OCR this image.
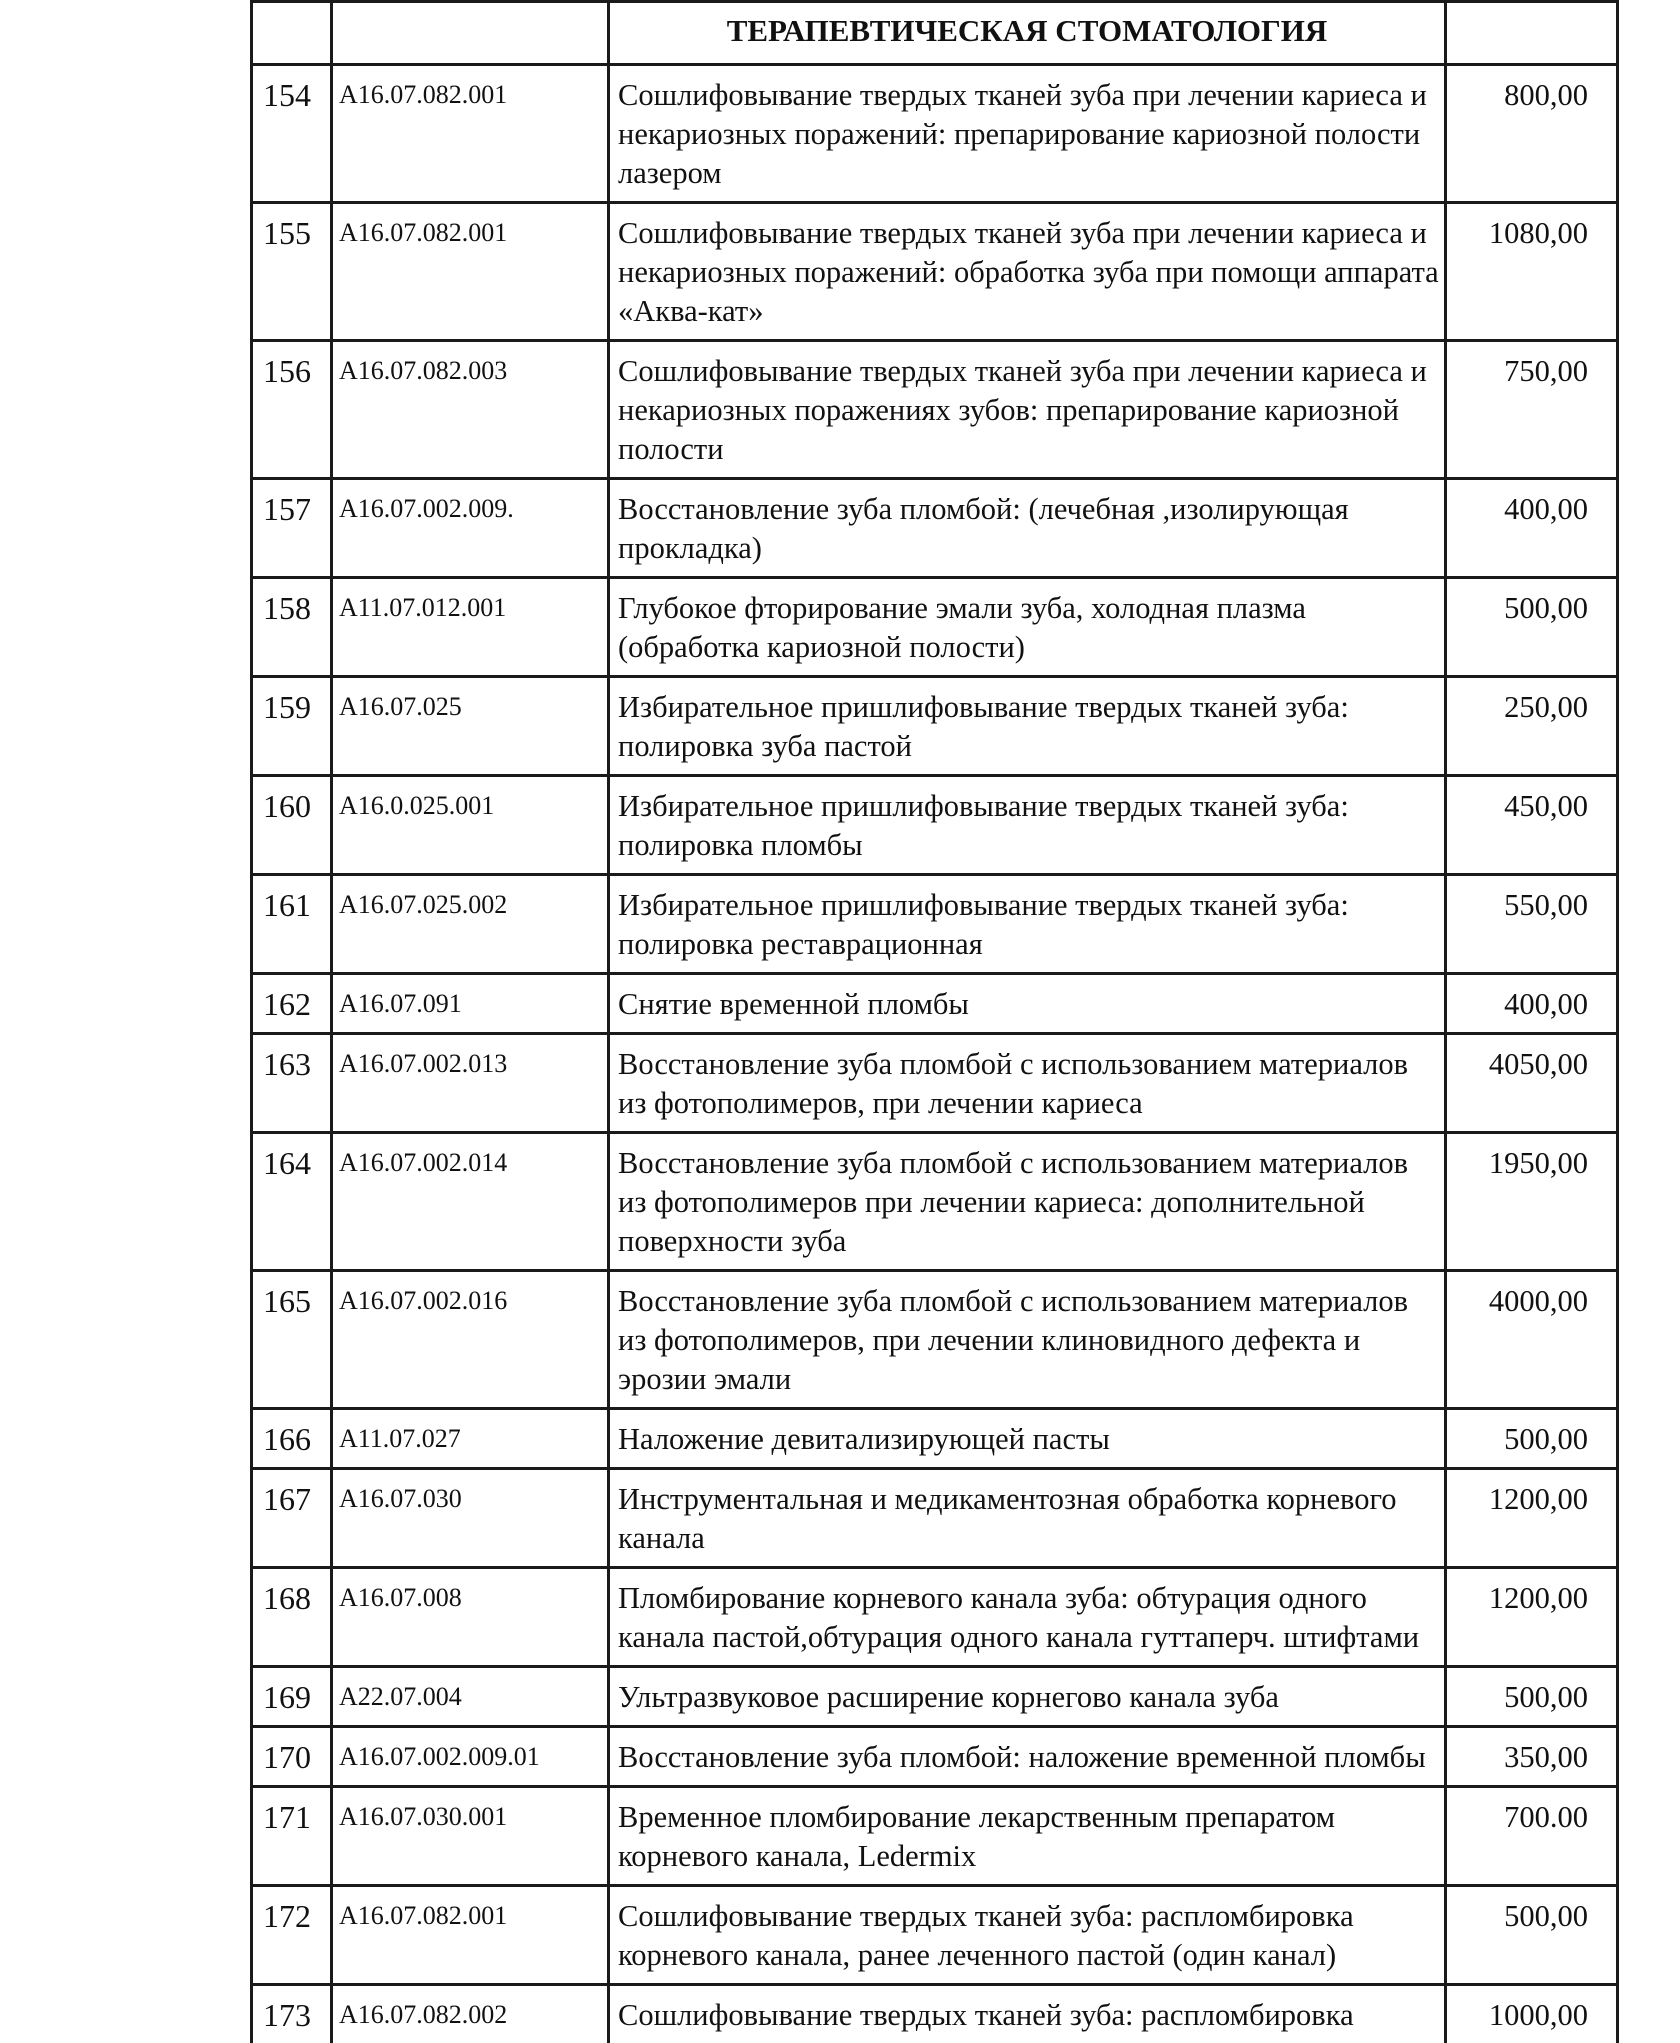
		ТЕРАПЕВТИЧЕСКАЯ СТОМАТОЛОГИЯ	
154	А16.07.082.001	Сошлифовывание твердых тканей зуба при лечении кариеса и некариозных поражений: препарирование кариозной полости лазером	800,00
155	А16.07.082.001	Сошлифовывание твердых тканей зуба при лечении кариеса и некариозных поражений: обработка зуба при помощи аппарата «Аква-кат»	1080,00
156	А16.07.082.003	Сошлифовывание твердых тканей зуба при лечении кариеса и некариозных поражениях зубов: препарирование кариозной полости	750,00
157	А16.07.002.009.	Восстановление зуба пломбой: (лечебная ,изолирующая прокладка)	400,00
158	А11.07.012.001	Глубокое фторирование эмали зуба, холодная плазма (обработка кариозной полости)	500,00
159	А16.07.025	Избирательное пришлифовывание твердых тканей зуба: полировка зуба пастой	250,00
160	А16.0.025.001	Избирательное пришлифовывание твердых тканей зуба: полировка пломбы	450,00
161	А16.07.025.002	Избирательное пришлифовывание твердых тканей зуба: полировка реставрационная	550,00
162	А16.07.091	Снятие временной пломбы	400,00
163	А16.07.002.013	Восстановление зуба пломбой с использованием материалов из фотополимеров, при лечении кариеса	4050,00
164	А16.07.002.014	Восстановление зуба пломбой с использованием материалов из фотополимеров при лечении кариеса: дополнительной поверхности зуба	1950,00
165	А16.07.002.016	Восстановление зуба пломбой с использованием материалов из фотополимеров, при лечении клиновидного дефекта и эрозии эмали	4000,00
166	А11.07.027	Наложение девитализирующей пасты	500,00
167	А16.07.030	Инструментальная и медикаментозная обработка корневого канала	1200,00
168	А16.07.008	Пломбирование корневого канала зуба: обтурация одного канала пастой,обтурация одного канала гуттаперч. штифтами	1200,00
169	А22.07.004	Ультразвуковое расширение корнегово канала зуба	500,00
170	А16.07.002.009.01	Восстановление зуба пломбой: наложение временной пломбы	350,00
171	А16.07.030.001	Временное пломбирование лекарственным препаратом корневого канала, Ledermix	700.00
172	А16.07.082.001	Сошлифовывание твердых тканей зуба: распломбировка корневого канала, ранее леченного пастой (один канал)	500,00
173	А16.07.082.002	Сошлифовывание твердых тканей зуба: распломбировка	1000,00
